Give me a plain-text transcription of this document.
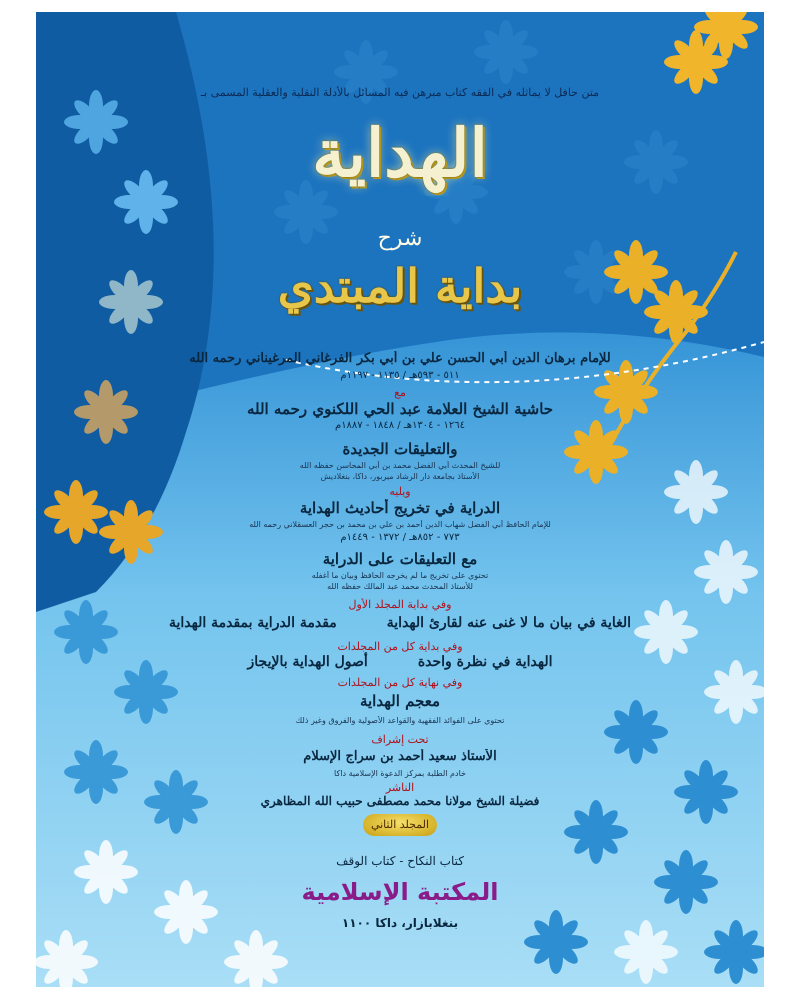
متن حافل لا يماثله في الفقه كتاب مبرهن فيه المسائل بالأدلة النقلية والعقلية المسمى بـ
الهداية
شرح
بداية المبتدي
للإمام برهان الدين أبي الحسن علي بن أبي بكر الفرغاني المرغيناني رحمه الله
٥١١ - ٥٩٣هـ / ١١٣٥ - ١١٩٧م
مع
حاشية الشيخ العلامة عبد الحي اللكنوي رحمه الله
١٢٦٤ - ١٣٠٤هـ / ١٨٤٨ - ١٨٨٧م
والتعليقات الجديدة
للشيخ المحدث أبي الفضل محمد بن أبي المحاسن حفظه الله
الأستاذ بجامعة دار الرشاد ميربور، داكا، بنغلاديش
ويليه
الدراية في تخريج أحاديث الهداية
للإمام الحافظ أبي الفضل شهاب الدين أحمد بن علي بن محمد بن حجر العسقلاني رحمه الله
٧٧٣ - ٨٥٢هـ / ١٣٧٢ - ١٤٤٩م
مع التعليقات على الدراية
تحتوي على تخريج ما لم يخرجه الحافظ وبيان ما أغفله
للأستاذ المحدث محمد عبد المالك حفظه الله
وفي بداية المجلد الأول
الغاية في بيان ما لا غنى عنه لقارئ الهداية
مقدمة الدراية بمقدمة الهداية
وفي بداية كل من المجلدات
الهداية في نظرة واحدة
أصول الهداية بالإيجاز
وفي نهاية كل من المجلدات
معجم الهداية
تحتوي على الفوائد الفقهية والقواعد الأصولية والفروق وغير ذلك
تحت إشراف
الأستاذ سعيد أحمد بن سراج الإسلام
خادم الطلبة بمركز الدعوة الإسلامية داكا
الناشر
فضيلة الشيخ مولانا محمد مصطفى حبيب الله المظاهري
المجلد الثاني
كتاب النكاح - كتاب الوقف
المكتبة الإسلامية
بنغلابازار، داكا ١١٠٠
